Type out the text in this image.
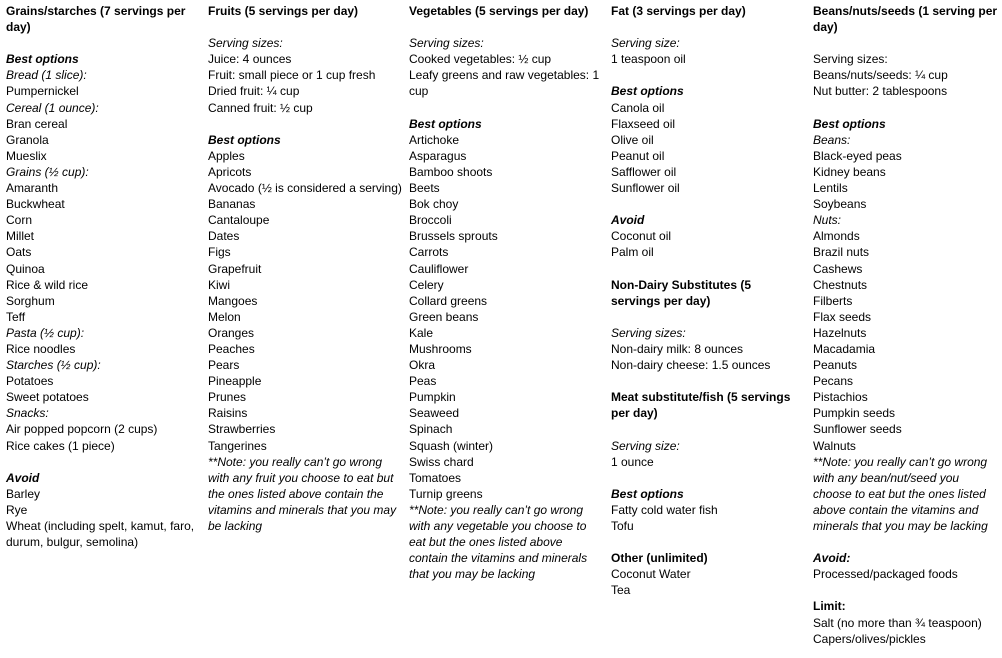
Grains/starches (7 servings per day)
Best options
Bread (1 slice):
Pumpernickel
Cereal (1 ounce):
Bran cereal
Granola
Mueslix
Grains (½ cup):
Amaranth
Buckwheat
Corn
Millet
Oats
Quinoa
Rice & wild rice
Sorghum
Teff
Pasta (½ cup):
Rice noodles
Starches (½ cup):
Potatoes
Sweet potatoes
Snacks:
Air popped popcorn (2 cups)
Rice cakes (1 piece)
Avoid
Barley
Rye
Wheat (including spelt, kamut, faro, durum, bulgur, semolina)
Fruits (5 servings per day)
Serving sizes:
Juice: 4 ounces
Fruit: small piece or 1 cup fresh
Dried fruit: ¼ cup
Canned fruit: ½ cup
Best options
Apples
Apricots
Avocado (½ is considered a serving)
Bananas
Cantaloupe
Dates
Figs
Grapefruit
Kiwi
Mangoes
Melon
Oranges
Peaches
Pears
Pineapple
Prunes
Raisins
Strawberries
Tangerines
**Note: you really can’t go wrong with any fruit you choose to eat but the ones listed above contain the vitamins and minerals that you may be lacking
Vegetables (5 servings per day)
Serving sizes:
Cooked vegetables: ½ cup
Leafy greens and raw vegetables: 1 cup
Best options
Artichoke
Asparagus
Bamboo shoots
Beets
Bok choy
Broccoli
Brussels sprouts
Carrots
Cauliflower
Celery
Collard greens
Green beans
Kale
Mushrooms
Okra
Peas
Pumpkin
Seaweed
Spinach
Squash (winter)
Swiss chard
Tomatoes
Turnip greens
**Note: you really can’t go wrong with any vegetable you choose to eat but the ones listed above contain the vitamins and minerals that you may be lacking
Fat (3 servings per day)
Serving size:
1 teaspoon oil
Best options
Canola oil
Flaxseed oil
Olive oil
Peanut oil
Safflower oil
Sunflower oil
Avoid
Coconut oil
Palm oil
Non-Dairy Substitutes (5 servings per day)
Serving sizes:
Non-dairy milk: 8 ounces
Non-dairy cheese: 1.5 ounces
Meat substitute/fish (5 servings per day)
Serving size:
1 ounce
Best options
Fatty cold water fish
Tofu
Other (unlimited)
Coconut Water
Tea
Beans/nuts/seeds (1 serving per day)
Serving sizes:
Beans/nuts/seeds: ¼ cup
Nut butter: 2 tablespoons
Best options
Beans:
Black-eyed peas
Kidney beans
Lentils
Soybeans
Nuts:
Almonds
Brazil nuts
Cashews
Chestnuts
Filberts
Flax seeds
Hazelnuts
Macadamia
Peanuts
Pecans
Pistachios
Pumpkin seeds
Sunflower seeds
Walnuts
**Note: you really can’t go wrong with any bean/nut/seed you choose to eat but the ones listed above contain the vitamins and minerals that you may be lacking
Avoid:
Processed/packaged foods
Limit:
Salt (no more than ¾ teaspoon)
Capers/olives/pickles
